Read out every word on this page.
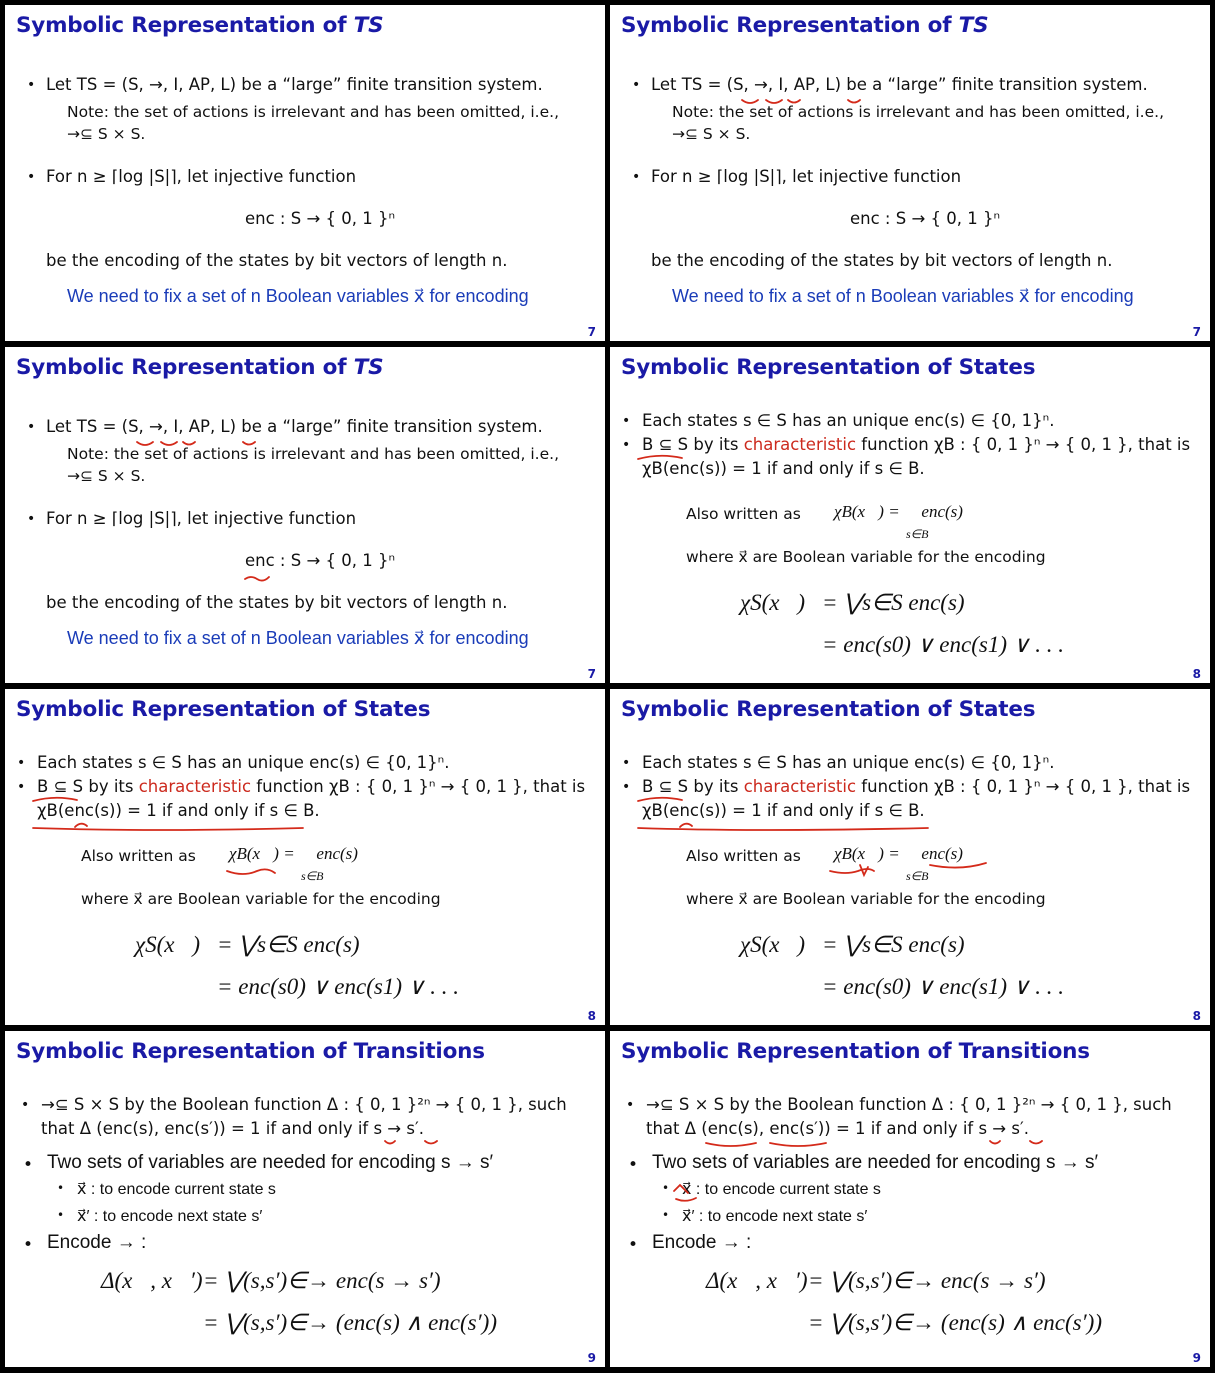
Symbolic Representation of TS
•
Let TS = (S, →, I, AP, L) be a “large” finite transition system.
Note: the set of actions is irrelevant and has been omitted, i.e.,
→⊆ S × S.
•
For n ≥ ⌈log |S|⌉, let injective function
enc : S → { 0, 1 }ⁿ
be the encoding of the states by bit vectors of length n.
We need to fix a set of n Boolean variables x⃗ for encoding
7
Symbolic Representation of TS
•
Let TS = (S, →, I, AP, L) be a “large” finite transition system.
Note: the set of actions is irrelevant and has been omitted, i.e.,
→⊆ S × S.
•
For n ≥ ⌈log |S|⌉, let injective function
enc : S → { 0, 1 }ⁿ
be the encoding of the states by bit vectors of length n.
We need to fix a set of n Boolean variables x⃗ for encoding
7
Symbolic Representation of TS
•
Let TS = (S, →, I, AP, L) be a “large” finite transition system.
Note: the set of actions is irrelevant and has been omitted, i.e.,
→⊆ S × S.
•
For n ≥ ⌈log |S|⌉, let injective function
enc : S → { 0, 1 }ⁿ
be the encoding of the states by bit vectors of length n.
We need to fix a set of n Boolean variables x⃗ for encoding
7
Symbolic Representation of States
•
Each states s ∈ S has an unique enc(s) ∈ {0, 1}ⁿ.
•
B ⊆ S by its characteristic function χB : { 0, 1 }ⁿ → { 0, 1 }, that is
χB(enc(s)) = 1 if and only if s ∈ B.
Also written as χB(x⃗) = ⋁ enc(s)
s∈B
where x⃗ are Boolean variable for the encoding
χS(x⃗) = ⋁s∈S enc(s)
= enc(s0) ∨ enc(s1) ∨ . . .
8
Symbolic Representation of States
•
Each states s ∈ S has an unique enc(s) ∈ {0, 1}ⁿ.
•
B ⊆ S by its characteristic function χB : { 0, 1 }ⁿ → { 0, 1 }, that is
χB(enc(s)) = 1 if and only if s ∈ B.
Also written as χB(x⃗) = ⋁ enc(s)
s∈B
where x⃗ are Boolean variable for the encoding
χS(x⃗) = ⋁s∈S enc(s)
= enc(s0) ∨ enc(s1) ∨ . . .
8
Symbolic Representation of States
•
Each states s ∈ S has an unique enc(s) ∈ {0, 1}ⁿ.
•
B ⊆ S by its characteristic function χB : { 0, 1 }ⁿ → { 0, 1 }, that is
χB(enc(s)) = 1 if and only if s ∈ B.
Also written as χB(x⃗) = ⋁ enc(s)
s∈B
where x⃗ are Boolean variable for the encoding
χS(x⃗) = ⋁s∈S enc(s)
= enc(s0) ∨ enc(s1) ∨ . . .
8
Symbolic Representation of Transitions
•
→⊆ S × S by the Boolean function Δ : { 0, 1 }²ⁿ → { 0, 1 }, such
that Δ (enc(s), enc(s′)) = 1 if and only if s → s′.
•
Two sets of variables are needed for encoding s → s′
•
x⃗ : to encode current state s
•
x⃗′ : to encode next state s′
•
Encode → :
Δ(x⃗, x⃗′) = ⋁(s,s′)∈→ enc(s → s′)
= ⋁(s,s′)∈→ (enc(s) ∧ enc(s′))
9
Symbolic Representation of Transitions
•
→⊆ S × S by the Boolean function Δ : { 0, 1 }²ⁿ → { 0, 1 }, such
that Δ (enc(s), enc(s′)) = 1 if and only if s → s′.
•
Two sets of variables are needed for encoding s → s′
•
x⃗ : to encode current state s
•
x⃗′ : to encode next state s′
•
Encode → :
Δ(x⃗, x⃗′) = ⋁(s,s′)∈→ enc(s → s′)
= ⋁(s,s′)∈→ (enc(s) ∧ enc(s′))
9
